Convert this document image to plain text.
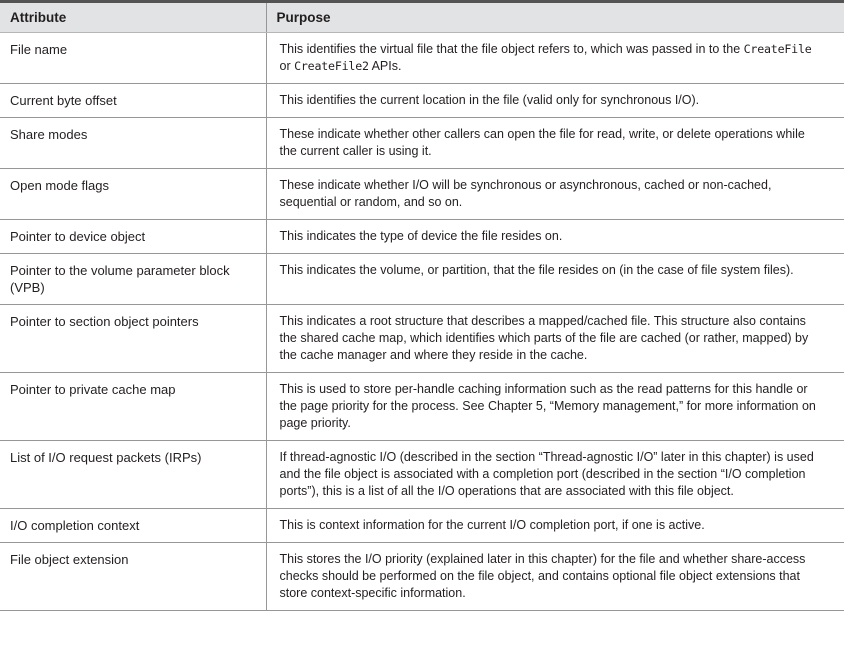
Attribute	Purpose
File name	This identifies the virtual file that the file object refers to, which was passed in to the CreateFile or CreateFile2 APIs.
Current byte offset	This identifies the current location in the file (valid only for synchronous I/O).
Share modes	These indicate whether other callers can open the file for read, write, or delete operations while the current caller is using it.
Open mode flags	These indicate whether I/O will be synchronous or asynchronous, cached or non-cached, sequential or random, and so on.
Pointer to device object	This indicates the type of device the file resides on.
Pointer to the volume parameter block (VPB)	This indicates the volume, or partition, that the file resides on (in the case of file system files).
Pointer to section object pointers	This indicates a root structure that describes a mapped/cached file. This structure also contains the shared cache map, which identifies which parts of the file are cached (or rather, mapped) by the cache manager and where they reside in the cache.
Pointer to private cache map	This is used to store per-handle caching information such as the read patterns for this handle or the page priority for the process. See Chapter 5, “Memory management,” for more information on page priority.
List of I/O request packets (IRPs)	If thread-agnostic I/O (described in the section “Thread-agnostic I/O” later in this chapter) is used and the file object is associated with a completion port (described in the section “I/O completion ports”), this is a list of all the I/O operations that are associated with this file object.
I/O completion context	This is context information for the current I/O completion port, if one is active.
File object extension	This stores the I/O priority (explained later in this chapter) for the file and whether share-access checks should be performed on the file object, and contains optional file object extensions that store context-specific information.
